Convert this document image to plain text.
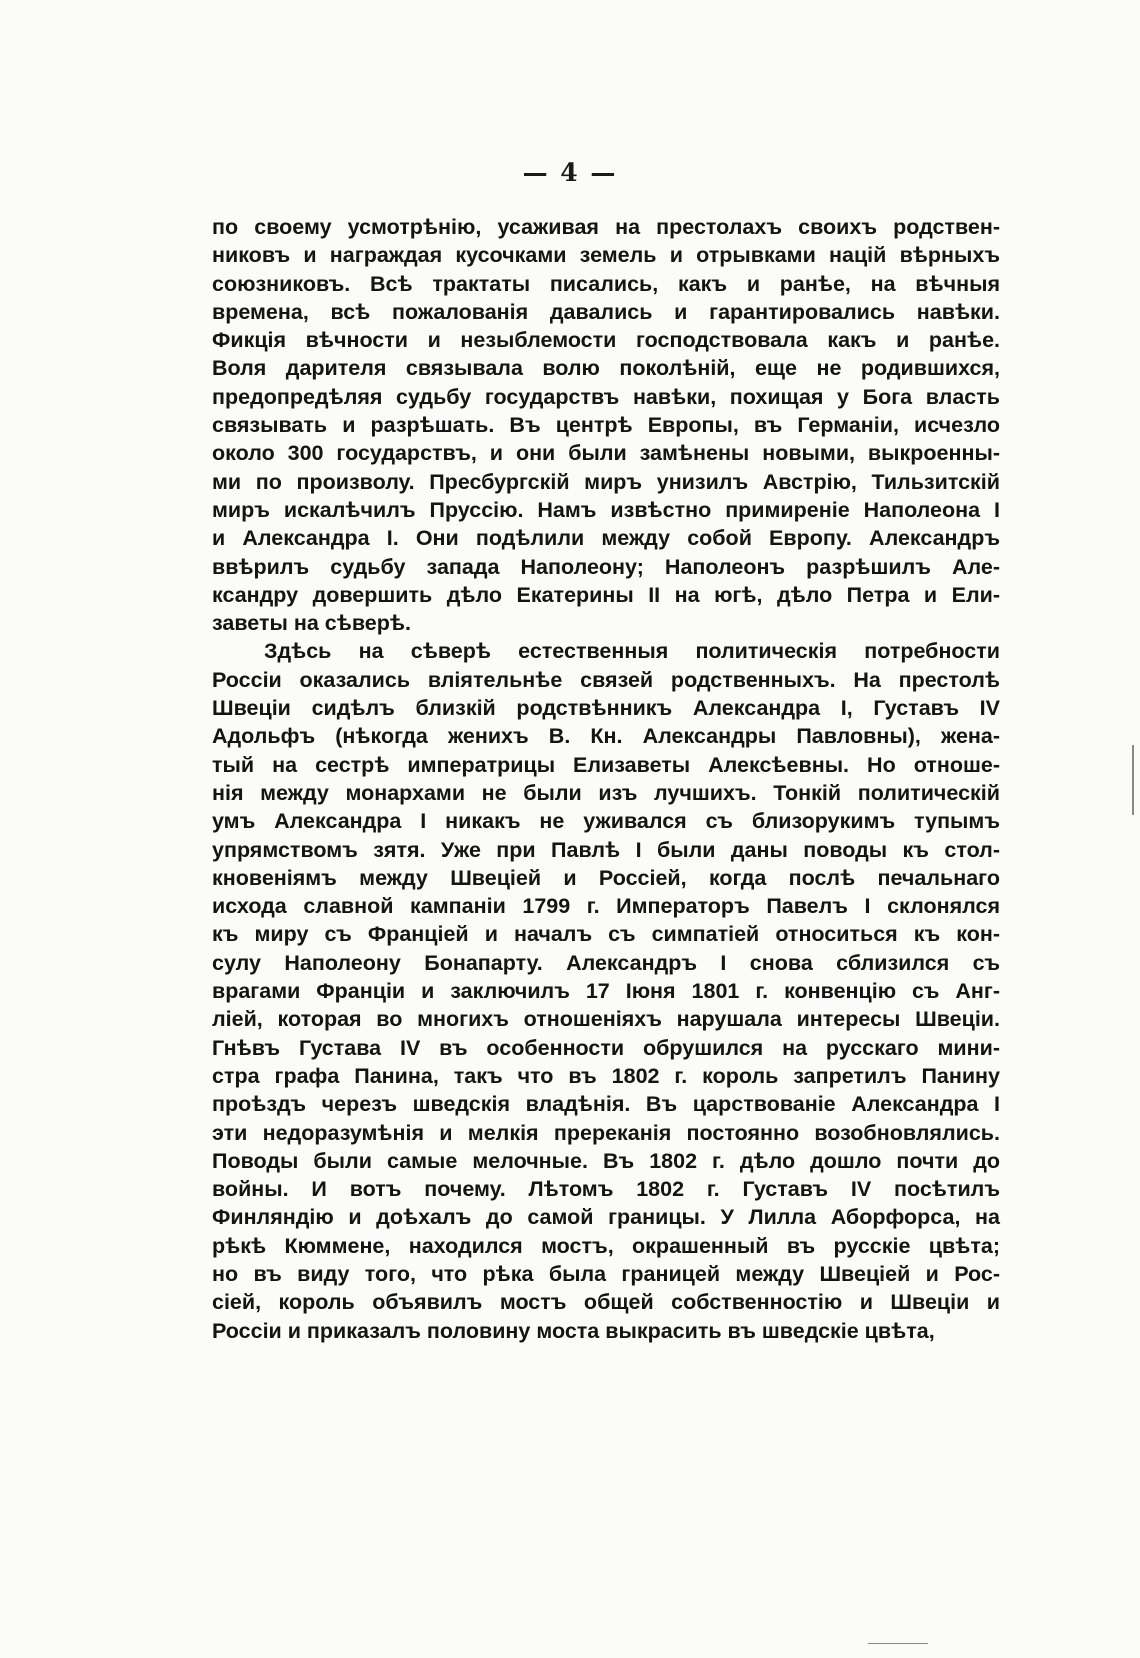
— 4 —
по своему усмотрѣнію, усаживая на престолахъ своихъ родствен-
никовъ и награждая кусочками земель и отрывками націй вѣрныхъ
союзниковъ. Всѣ трактаты писались, какъ и ранѣе, на вѣчныя
времена, всѣ пожалованія давались и гарантировались навѣки.
Фикція вѣчности и незыблемости господствовала какъ и ранѣе.
Воля дарителя связывала волю поколѣній, еще не родившихся,
предопредѣляя судьбу государствъ навѣки, похищая у Бога власть
связывать и разрѣшать. Въ центрѣ Европы, въ Германіи, исчезло
около 300 государствъ, и они были замѣнены новыми, выкроенны-
ми по произволу. Пресбургскій миръ унизилъ Австрію, Тильзитскій
миръ искалѣчилъ Пруссію. Намъ извѣстно примиренiе Наполеона I
и Александра I. Они подѣлили между собой Европу. Александръ
ввѣрилъ судьбу запада Наполеону; Наполеонъ разрѣшилъ Але-
ксандру довершить дѣло Екатерины II на югѣ, дѣло Петра и Ели-
заветы на сѣверѣ.
Здѣсь на сѣверѣ естественныя политическія потребности
Россіи оказались вліятельнѣе связей родственныхъ. На престолѣ
Швеціи сидѣлъ близкій родствѣнникъ Александра I, Густавъ IV
Адольфъ (нѣкогда женихъ В. Кн. Александры Павловны), жена-
тый на сестрѣ императрицы Елизаветы Алексѣевны. Но отноше-
нія между монархами не были изъ лучшихъ. Тонкій политическій
умъ Александра I никакъ не уживался съ близорукимъ тупымъ
упрямствомъ зятя. Уже при Павлѣ I были даны поводы къ стол-
кновеніямъ между Швеціей и Россіей, когда послѣ печальнаго
исхода славной кампаніи 1799 г. Императоръ Павелъ I склонялся
къ миру съ Франціей и началъ съ симпатіей относиться къ кон-
сулу Наполеону Бонапарту. Александръ I снова сблизился съ
врагами Франціи и заключилъ 17 Іюня 1801 г. конвенцію съ Анг-
ліей, которая во многихъ отношеніяхъ нарушала интересы Швеціи.
Гнѣвъ Густава IV въ особенности обрушился на русскаго мини-
стра графа Панина, такъ что въ 1802 г. король запретилъ Панину
проѣздъ черезъ шведскія владѣнія. Въ царствованіе Александра I
эти недоразумѣнія и мелкія пререканія постоянно возобновлялись.
Поводы были самые мелочные. Въ 1802 г. дѣло дошло почти до
войны. И вотъ почему. Лѣтомъ 1802 г. Густавъ IV посѣтилъ
Финляндію и доѣхалъ до самой границы. У Лилла Аборфорса, на
рѣкѣ Кюммене, находился мостъ, окрашенный въ русскіе цвѣта;
но въ виду того, что рѣка была границей между Швеціей и Рос-
сіей, король объявилъ мостъ общей собственностію и Швеціи и
Россіи и приказалъ половину моста выкрасить въ шведскіе цвѣта,
